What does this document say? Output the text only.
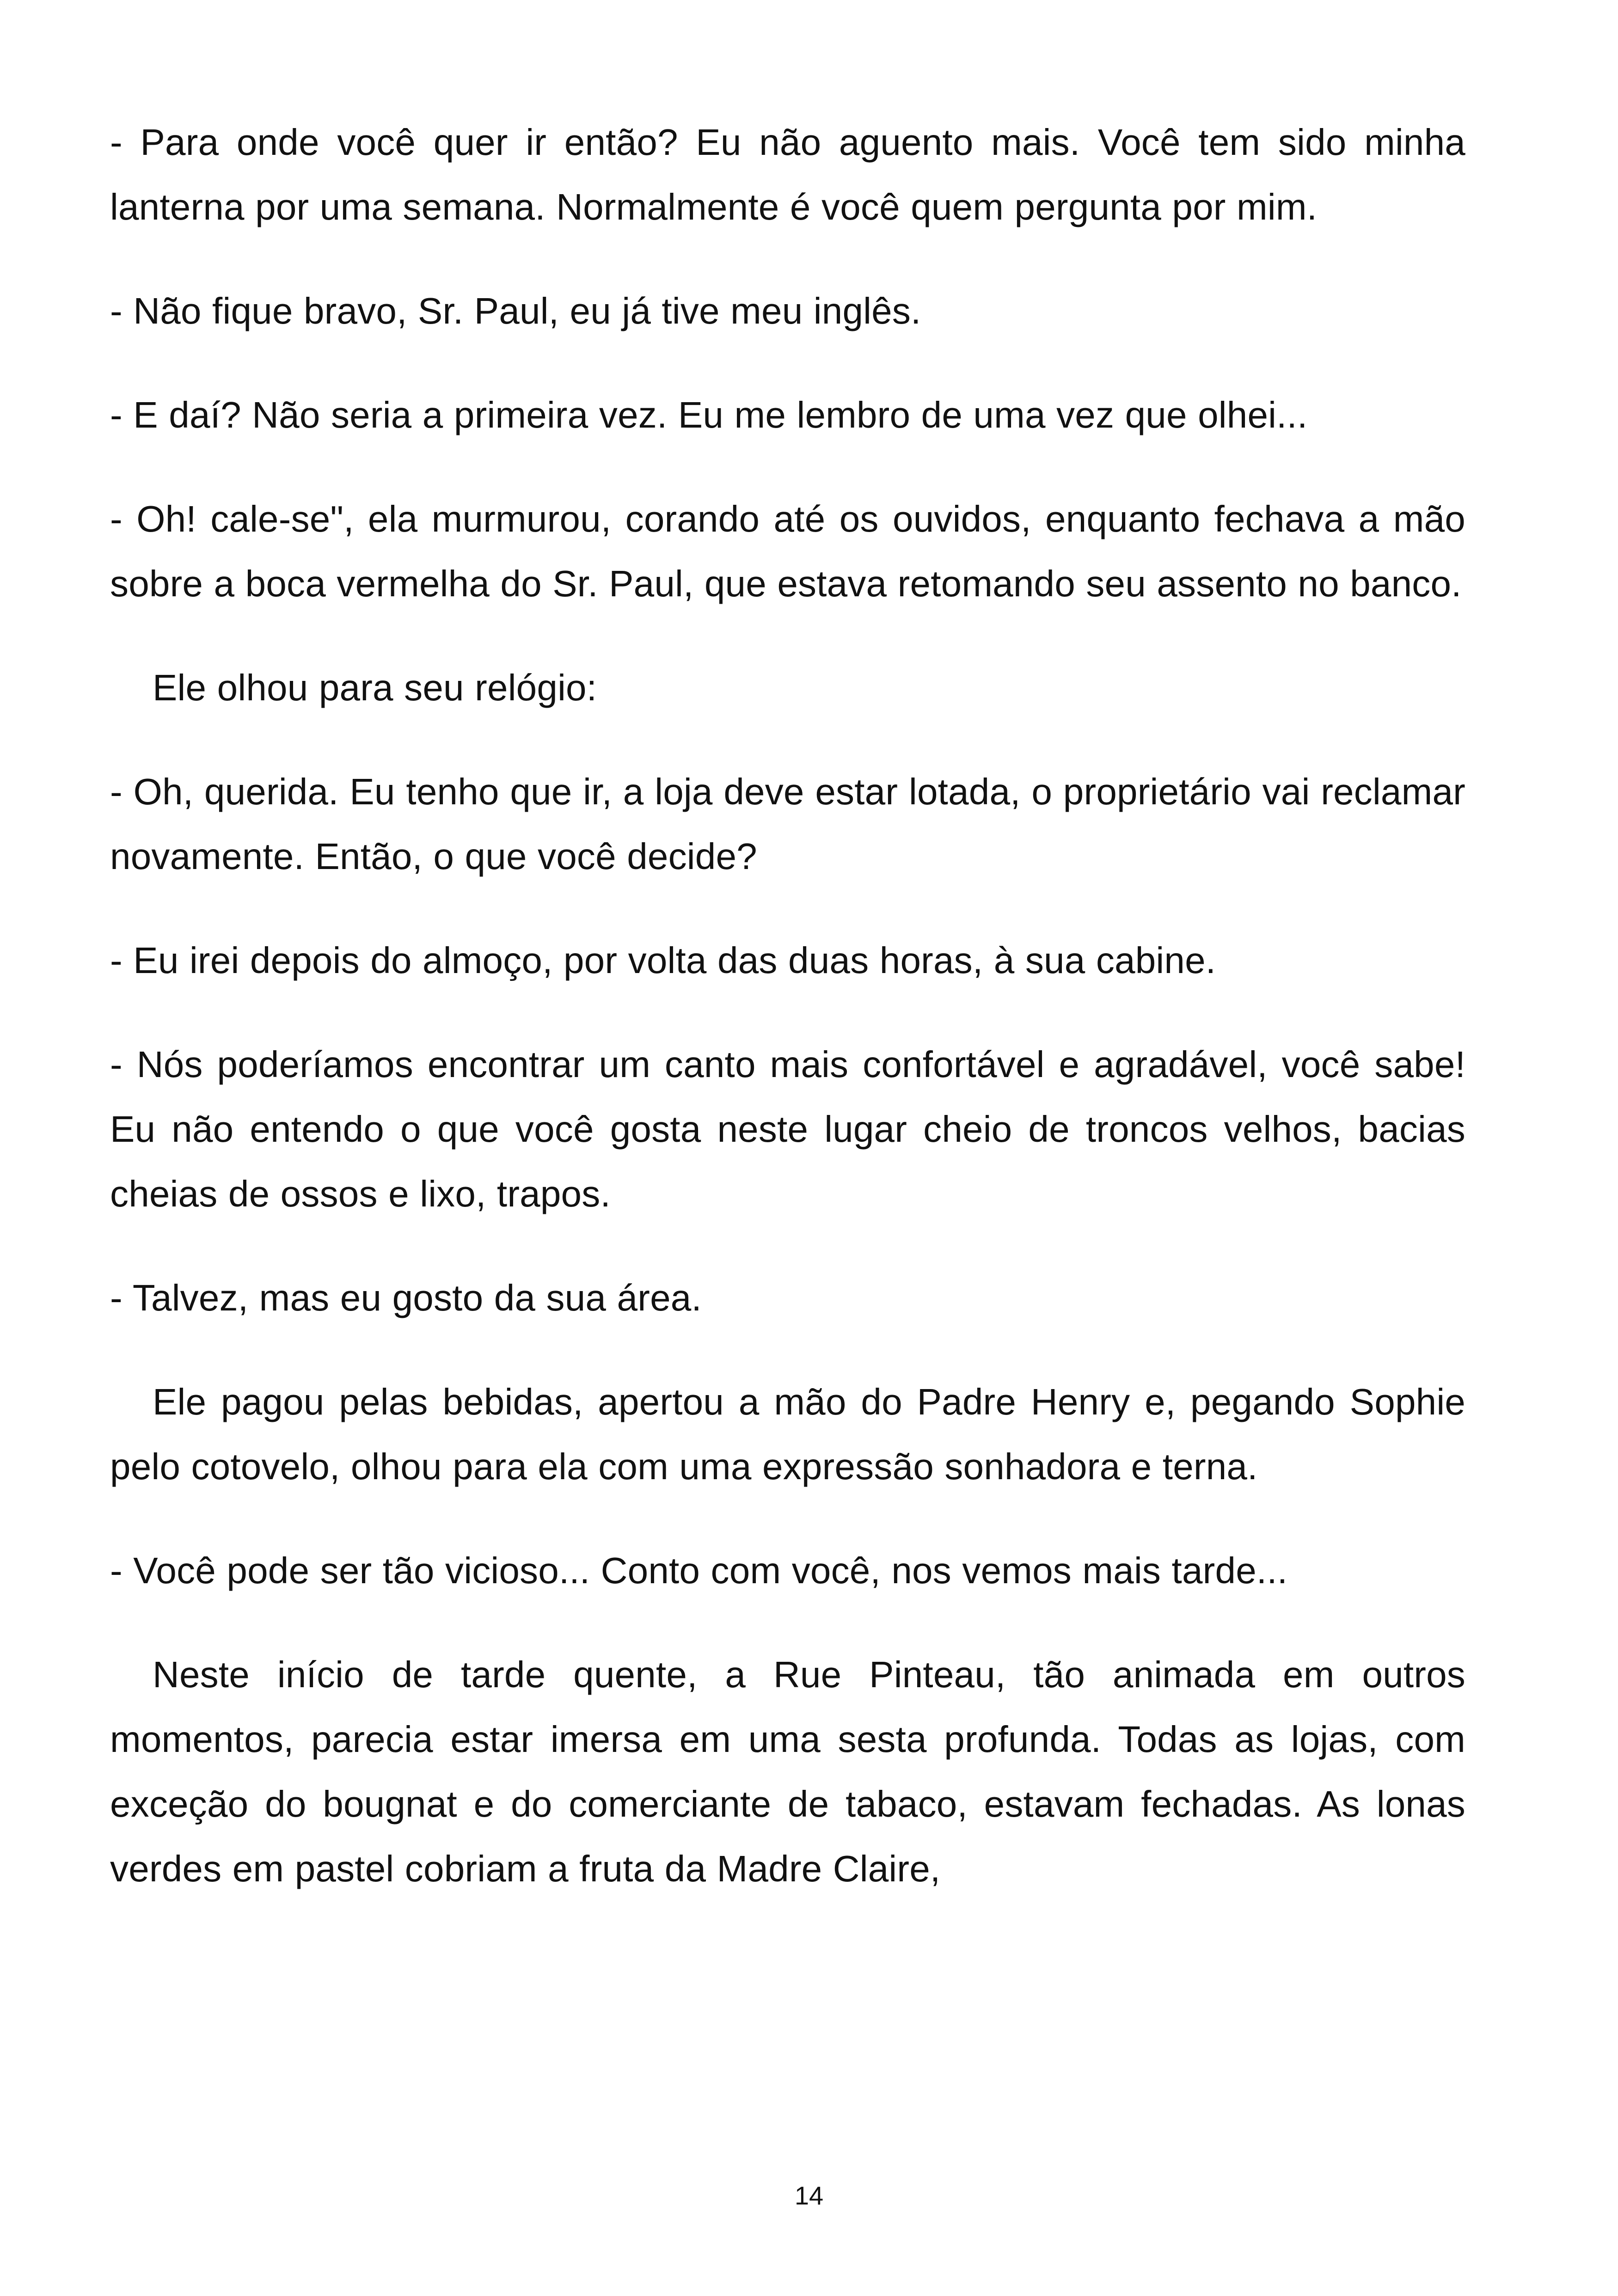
- Para onde você quer ir então? Eu não aguento mais. Você tem sido minha lanterna por uma semana. Normalmente é você quem pergunta por mim.

- Não fique bravo, Sr. Paul, eu já tive meu inglês.

- E daí? Não seria a primeira vez. Eu me lembro de uma vez que olhei...

- Oh! cale-se", ela murmurou, corando até os ouvidos, enquanto fechava a mão sobre a boca vermelha do Sr. Paul, que estava retomando seu assento no banco.

Ele olhou para seu relógio:

- Oh, querida. Eu tenho que ir, a loja deve estar lotada, o proprietário vai reclamar novamente. Então, o que você decide?

- Eu irei depois do almoço, por volta das duas horas, à sua cabine.

- Nós poderíamos encontrar um canto mais confortável e agradável, você sabe! Eu não entendo o que você gosta neste lugar cheio de troncos velhos, bacias cheias de ossos e lixo, trapos.

- Talvez, mas eu gosto da sua área.

Ele pagou pelas bebidas, apertou a mão do Padre Henry e, pegando Sophie pelo cotovelo, olhou para ela com uma expressão sonhadora e terna.

- Você pode ser tão vicioso... Conto com você, nos vemos mais tarde...

Neste início de tarde quente, a Rue Pinteau, tão animada em outros momentos, parecia estar imersa em uma sesta profunda. Todas as lojas, com exceção do bougnat e do comerciante de tabaco, estavam fechadas. As lonas verdes em pastel cobriam a fruta da Madre Claire,

14
